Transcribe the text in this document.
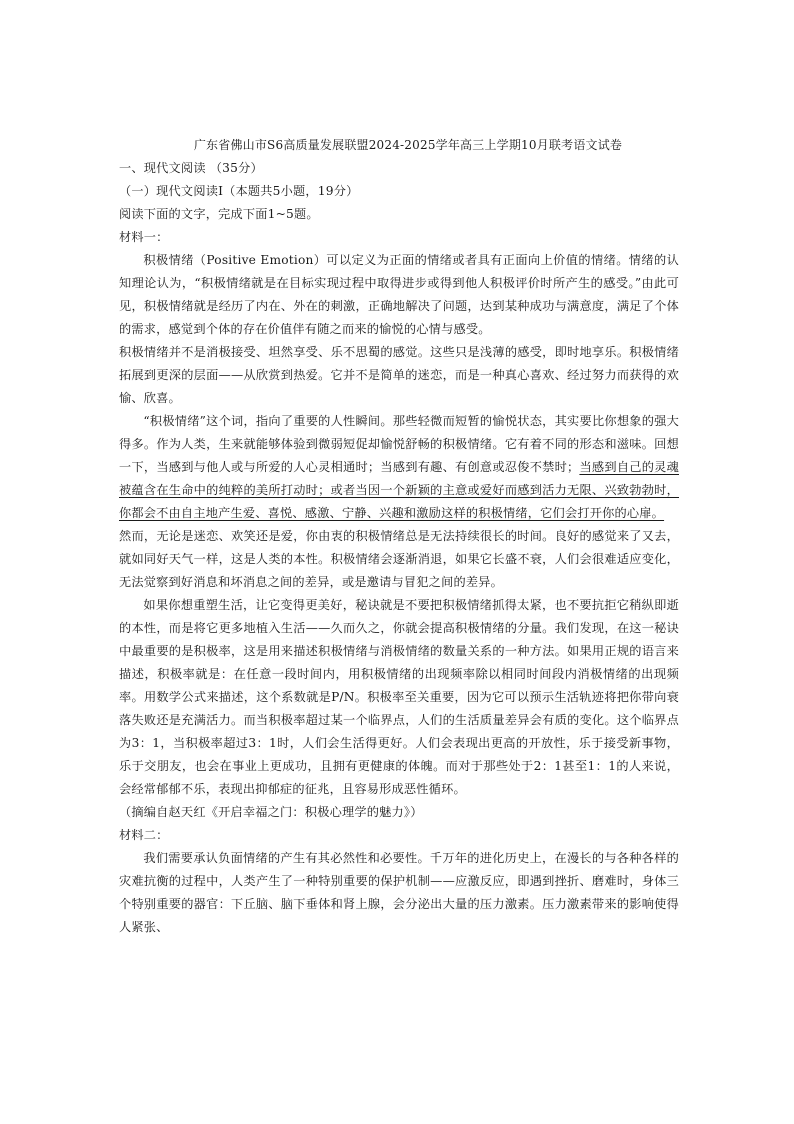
广东省佛山市S6高质量发展联盟2024-2025学年高三上学期10月联考语文试卷
一、现代文阅读 （35分）
（一）现代文阅读Ⅰ（本题共5小题，19分）
阅读下面的文字，完成下面1~5题。
材料一：

积极情绪（Positive Emotion）可以定义为正面的情绪或者具有正面向上价值的情绪。情绪的认知理论认为，“积极情绪就是在目标实现过程中取得进步或得到他人积极评价时所产生的感受。”由此可见，积极情绪就是经历了内在、外在的刺激，正确地解决了问题，达到某种成功与满意度，满足了个体的需求，感觉到个体的存在价值伴有随之而来的愉悦的心情与感受。

积极情绪并不是消极接受、坦然享受、乐不思蜀的感觉。这些只是浅薄的感受，即时地享乐。积极情绪拓展到更深的层面——从欣赏到热爱。它并不是简单的迷恋，而是一种真心喜欢、经过努力而获得的欢愉、欣喜。

“积极情绪”这个词，指向了重要的人性瞬间。那些轻微而短暂的愉悦状态，其实要比你想象的强大得多。作为人类，生来就能够体验到微弱短促却愉悦舒畅的积极情绪。它有着不同的形态和滋味。回想一下，当感到与他人或与所爱的人心灵相通时；当感到有趣、有创意或忍俊不禁时；当感到自己的灵魂被蕴含在生命中的纯粹的美所打动时；或者当因一个新颖的主意或爱好而感到活力无限、兴致勃勃时，你都会不由自主地产生爱、喜悦、感激、宁静、兴趣和激励这样的积极情绪，它们会打开你的心扉。

然而，无论是迷恋、欢笑还是爱，你由衷的积极情绪总是无法持续很长的时间。良好的感觉来了又去，就如同好天气一样，这是人类的本性。积极情绪会逐渐消退，如果它长盛不衰，人们会很难适应变化，无法觉察到好消息和坏消息之间的差异，或是邀请与冒犯之间的差异。

如果你想重塑生活，让它变得更美好，秘诀就是不要把积极情绪抓得太紧，也不要抗拒它稍纵即逝的本性，而是将它更多地植入生活——久而久之，你就会提高积极情绪的分量。我们发现，在这一秘诀中最重要的是积极率，这是用来描述积极情绪与消极情绪的数量关系的一种方法。如果用正规的语言来描述，积极率就是：在任意一段时间内，用积极情绪的出现频率除以相同时间段内消极情绪的出现频率。用数学公式来描述，这个系数就是P/N。积极率至关重要，因为它可以预示生活轨迹将把你带向衰落失败还是充满活力。而当积极率超过某一个临界点，人们的生活质量差异会有质的变化。这个临界点为3：1，当积极率超过3：1时，人们会生活得更好。人们会表现出更高的开放性，乐于接受新事物，乐于交朋友，也会在事业上更成功，且拥有更健康的体魄。而对于那些处于2：1甚至1：1的人来说，会经常郁郁不乐，表现出抑郁症的征兆，且容易形成恶性循环。

（摘编自赵天红《开启幸福之门：积极心理学的魅力》）
材料二：

我们需要承认负面情绪的产生有其必然性和必要性。千万年的进化历史上，在漫长的与各种各样的灾难抗衡的过程中，人类产生了一种特别重要的保护机制——应激反应，即遇到挫折、磨难时，身体三个特别重要的器官：下丘脑、脑下垂体和肾上腺，会分泌出大量的压力激素。压力激素带来的影响使得人紧张、
